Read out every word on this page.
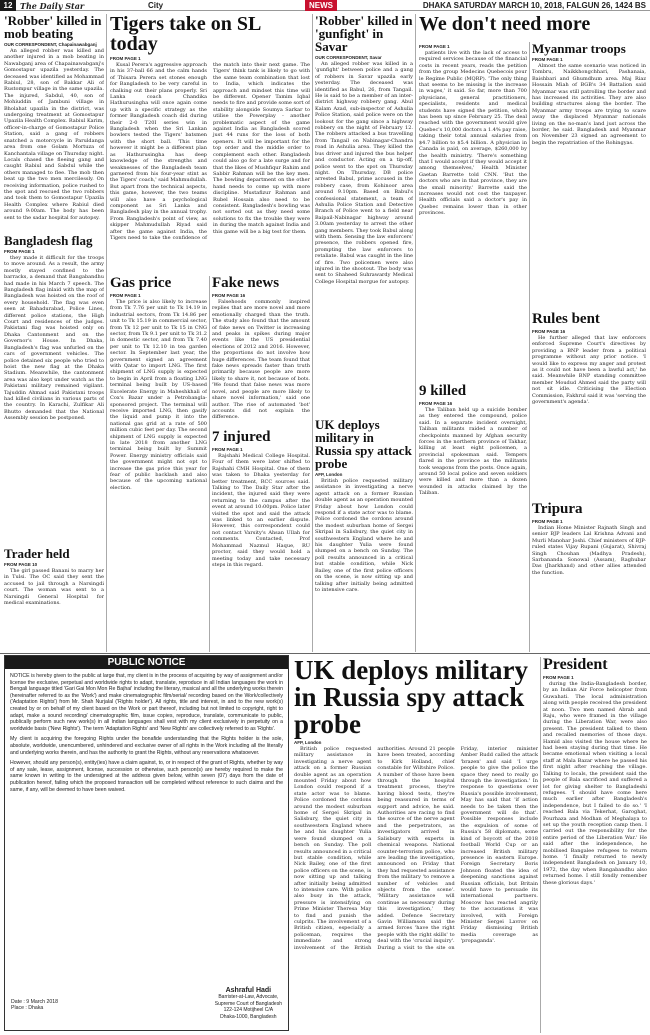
12 The Daily Star	City	NEWS	DHAKA SATURDAY MARCH 10, 2018, FALGUN 26, 1424 BS
'Robber' killed in mob beating
OUR CORRESPONDENT, Chapainawabganj
An alleged robber was killed and another injured in a mob beating in Nawabganj area of Chapainawabganj's Gomostapur upazila yesterday. The deceased was identified as Mohammad Rabiul, 28, son of Bakkar Ali of Rustompur village in the same upazila. The injured, Sabdul, 40, son of Mohiuddin of Jambuni village in Bholahat upazila in the district, was undergoing treatment at Gomostapur Upazila Health Complex. Rabiul Karim, officer-in-charge of Gomostapur Police Station, said a gang of robbers snatched a motorcycle in Paruldanga area from one Golam Mortuza of Kanchantala village on Thursday night. Locals chased the fleeing gang and caught Rabiul and Sabdul while the others managed to flee. The mob then beat up the two men mercilessly. On receiving information, police rushed to the spot and rescued the two robbers and took them to Gomostapur Upazila Health Complex where Rabiul died around 9:00am. The body has been sent to the sadar hospital for autopsy.
Bangladesh flag
FROM PAGE 1
they made it difficult for the troops to move around. As a result, the army mostly stayed confined to the barracks, a demand that Bangabandhu had made in his March 7 speech. The Bangladesh flag inlaid with the map of Bangladesh was hoisted on the roof of every household. The flag was even seen at Bahadurabad, Police Lines, different police stations, the High Court and residences of the judges. Pakistani flag was hoisted only on Dhaka Cantonment and on the Governor's House. In Dhaka, Bangladesh's flag was unfurled on the cars of government vehicles. The police detained six people who tried to hoist the new flag at the Dhaka Stadium. Meanwhile, the cantonment area was also kept under watch as the Pakistani military remained vigilant. Tajuddin Ahmad said Pakistani troops had killed civilians in various parts of the country. In Karachi, Zulfikar Ali Bhutto demanded that the National Assembly session be postponed.
Trader held
FROM PAGE 10
The girl passed Banani to marry her in Tulsi. The OC said they sent the accused to jail through a Narsingdi court. The woman was sent to a Narsingdi General Hospital for medical examinations.
Tigers take on SL today
FROM PAGE 1
Kusal Perera's aggressive approach in his 37-ball 66 and the calm hands of Thisara Perera set stones enough for Bangladesh to be very careful in chalking out their plans properly. Sri Lanka coach Chandika Hathurusingha will once again come up with a specific strategy as the former Bangladesh coach did during their 2-0 T20I series win in Bangladesh when the Sri Lankan bowlers tested the Tigers' batsmen with the short ball. 'This time however it might be a different plan as Hathurusingha has deep knowledge of the strengths and weaknesses of the Bangladesh team garnered from his four-year stint as the Tigers' coach,' said Mahmudullah. But apart from the technical aspects, this game, however, the two teams will also have a psychological component as Sri Lanka and Bangladesh play in the annual trophy. From Bangladesh's point of view, as skipper Mahmudullah Riyad said after the game against India, the Tigers need to take the confidence of the match into their next game. The Tigers' think tank is likely to go with the same team combination that lost to India, which indicates the approach and mindset this time will be different. Opener Tamim Iqbal needs to fire and provide some sort of stability alongside Soumya Sarkar to utilise the Powerplay - another problematic aspect of the game against India as Bangladesh scored just 44 runs for the loss of both openers. It will be important for the top order and the middle order to complement each other. Bangladesh could also go for a late surge and for that the likes of Mushfiqur Rahim and Sabbir Rahman will be the key men. The bowling department on the other hand needs to come up with more discipline. Mustafizur Rahman and Rubel Hossain also need to be consistent. Bangladesh's bowling was not sorted out as they need some solutions to fix the trouble they were in during the match against India and this game will be a big test for them.
Gas price
FROM PAGE 1
The price is also likely to increase from Tk 7.76 per unit to Tk 14.19 in industrial sectors, from Tk 14.86 per unit to Tk 15.19 in commercial sector, from Tk 12 per unit to Tk 15 in CNG sector, from Tk 9.1 per unit to Tk 31.2 in domestic sector, and from Tk 7.40 per unit to Tk 12.10 in tea garden sector. In September last year, the government signed an agreement with Qatar to import LNG. The first shipment of LNG supply is expected to begin in April from a floating LNG terminal being built by US-based Excelerate Energy in Maheshkhali of Cox's Bazar under a Petrobangla-sponsored project. The terminal will receive imported LNG, then gasify the liquid and pump it into the national gas grid at a rate of 500 million cubic feet per day. The second shipment of LNG supply is expected in late 2018 from another LNG terminal being built by Summit Power. Energy ministry officials said the government might not opt to increase the gas price this year for fear of public backlash and also because of the upcoming national election.
Fake news
FROM PAGE 16
Falsehoods commonly inspired replies that are more novel and more emotionally charged than the truth. The study also found that the amount of fake news on Twitter is increasing and peaks in spikes during major events like the US presidential elections of 2012 and 2016. However, the proportions do not involve how huge differences. The team found that fake news spreads faster than truth primarily because people are more likely to share it, not because of bots. 'We found that false news was more novel, and people are more likely to share novel information,' said one author. The rise of automated 'bot' accounts did not explain the difference.
7 injured
FROM PAGE 1
Rajshahi Medical College Hospital. Four of them were later shifted to Rajshahi CMH Hospital. One of them was taken to Dhaka yesterday for better treatment, RCC sources said. Talking to The Daily Star after the incident, the injured said they were returning to the campus after the event at around 10:00pm. Police later visited the spot and said the attack was linked to an earlier dispute. However, this correspondent could not contact Varsity's Ahsan Ullah for comments. Contacted, Prof Mohammad Nazmul Haque, RU proctor, said they would hold a meeting today and take necessary steps in this regard.
'Robber' killed in 'gunfight' in Savar
OUR CORRESPONDENT, Savar
An alleged robber was killed in a 'gunfight' between police and a gang of robbers in Savar upazila early yesterday. The deceased was identified as Babul, 26, from Tangail. He is said to be a member of an inter-district highway robbery gang. Abul Kalam Azad, sub-inspector of Ashulia Police Station, said police were on the lookout for the gang since a highway robbery on the night of February 12. The robbers attacked a bus travelling from Tangail on Nabinagar-Chandra road in Ashulia area. They killed the bus driver and injured the bus helper and conductor. Acting on a tip-off, police went to the spot on Thursday night. On Thursday, DB police arrested Babul, prime accused in the robbery case, from Kohinoor area around 9.10pm. Based on Babul's confessional statement, a team of Ashulia Police Station and Detective Branch of Police went to a field near Baipail-Nabinagar highway around 3.00am yesterday to arrest the other gang members. They took Babul along with them. Sensing the law enforcers' presence, the robbers opened fire, prompting the law enforcers to retaliate. Babul was caught in the line of fire. Two policemen were also injured in the shootout. The body was sent to Shaheed Suhrawardy Medical College Hospital morgue for autopsy.
UK deploys military in Russia spy attack probe
AFP, London
British police requested military assistance in investigating a nerve agent attack on a former Russian double agent as an operation mounted Friday about how London could respond if a state actor was to blame. Police cordoned the cordons around the modest suburban home of Sergei Skripal in Salisbury, the quiet city in southwestern England where he and his daughter Yulia were found slumped on a bench on Sunday. The poll results announced in a critical but stable condition, while Nick Bailey, one of the first police officers on the scene, is now sitting up and talking after initially being admitted to intensive care.
We don't need more
FROM PAGE 1
patients live with the lack of access to required services because of the financial costs in recent years, reads the petition from the group Medecins Quebecois pour le Regime Public (MQRP). 'The only thing that seems to be missing is the increase in wages,' it said. So far, more than 700 physicians, general practitioners, specialists, residents and medical students have signed the petition, which has been up since February 25. The deal reached with the government would give Quebec's 10,000 doctors a 1.4% pay raise, taking their total annual salaries from $4.7 billion to $5.4 billion. A physician in Canada is paid, on average, $260,000 by the health ministry. 'There's something that I would accept if they would accept it among themselves,' Health Minister Gaetan Barrette told CNN. 'But the doctors who are in that province, they are the small minority.' Barrette said the increases would not cost the taxpayer. Health officials said a doctor's pay in Quebec remains lower than in other provinces.
9 killed
FROM PAGE 16
The Taliban held up a suicide bomber as they entered the compound, police said. In a separate incident overnight, Taliban militants raided a number of checkpoints manned by Afghan security forces in the northern province of Takhar, killing at least eight policemen, a provincial spokesman said. Tempers flared in the province as the militants took weapons from the posts. Once again, around 50 local police and seven soldiers were killed and more than a dozen wounded in attacks claimed by the Taliban.
Myanmar troops
FROM PAGE 1
Almost the same scenario was noticed in Tombru, Naikkhongchhari, Pashanaia, Baishbari and Ghumdhum area. Maj Riaz Hossain Miah of BGB's 34 Battalion said Myanmar was still patrolling the border and has increased its activities. They are also building structures along the border. The Myanmar army troops are trying to scare away the displaced Myanmar nationals living on the no-man's land just across the border, he said. Bangladesh and Myanmar on November 23 signed an agreement to begin the repatriation of the Rohingyas.
Rules bent
FROM PAGE 16
He further alleged that law enforcers enforced Supreme Court's directives by providing a BNP leader from a political programme without any prior notice. 'I would like to express my anger and protest as it could not have been a lawful act,' he said. Meanwhile BNP standing committee member Moudud Ahmed said the party will not sit idle. Criticising the Election Commission, Fakhrul said it was 'serving the government's agenda'.
Tripura
FROM PAGE 1
Indian Home Minister Rajnath Singh and senior BJP leaders Lal Krishna Advani and Murli Manohar Joshi. Chief ministers of BJP-ruled states Vijay Rupani (Gujarat), Shivraj Singh Chouhan (Madhya Pradesh), Sarbananda Sonowal (Assam), Raghubar Das (Jharkhand) and other allies attended the function.
PUBLIC NOTICE
NOTICE is hereby given to the public at large that, my client is in the process of acquiring by way of assignment and/or license the exclusive, perpetual and worldwide rights to adapt, translate, reproduce in all Indian languages the work in Bengali language titled 'Gari Gai Mon Mon Re Bajhai' including the literary, musical and all the underlying works therein (hereinafter referred to as the 'Work') and make cinematographic film/serial/ recording based on the Work/collectively ('Adaptation Rights') from Mr. Shah Nurjalal ('Rights holder'). All rights, title and interest, in and to the new work(s) created by or on behalf of my client based on the Work or part thereof, including but not limited to copyright, right to adapt, make a sound recording/ cinematographic film, issue copies, reproduce, translate, communicate to public, publically perform such new work(s) in all Indian languages shall vest with my client exclusively in perpetuity on a worldwide basis ('New Rights'). The term 'Adaptation Rights' and 'New Rights' are collectively referred to as 'Rights'.
My client is acquiring the foregoing Rights under the bonafide understanding that the Rights holder is the sole, absolute, worldwide, unencumbered, unhindered and exclusive owner of all rights in the Work including all the literally and underlying works therein, and has the authority to grant the Rights, without any reservations whatsoever.
However, should any person(s), entity(ies) have a claim against, to, or in respect of the grant of Rights, whether by way of any sale, lease, assignment, license, succession or otherwise, such person(s) are hereby required to make the same known in writing to the undersigned at the address given below, within seven (07) days from the date of publication hereof, failing which the proposed transaction will be completed without reference to such claims and the same, if any, will be deemed to have been waived.
Date : 9 March 2018
Place : Dhaka
Ashraful Hadi
Barrister-at-Law, Advocate,
Supreme Court of Bangladesh
122-124 Motijheel C/A
Dhaka-1000, Bangladesh
UK deploys military in Russia spy attack probe
AFP, London
British police requested military assistance in investigating a nerve agent attack on a former Russian double agent as an operation mounted Friday about how London could respond if a state actor was to blame. Police cordoned the cordons around the modest suburban home of Sergei Skripal in Salisbury, the quiet city in southwestern England where he and his daughter Yulia were found slumped on a bench on Sunday. The poll results announced in a critical but stable condition, while Nick Bailey, one of the first police officers on the scene, is now sitting up and talking after initially being admitted to intensive care. With police also busy in the attack, pressure is intensifying on Prime Minister Theresa May to find and punish the culprits. The involvement of a British citizen, especially a policeman, requires the immediate and strong involvement of the British authorities. Around 21 people have been treated, according to Kirk Holland, chief constable for Wiltshire Police. A number of those have been through the hospital treatment process, they're having blood tests, they're being reassured in terms of support and advice, he said. Authorities are racing to find the source of the nerve agent and the perpetrators, as investigators arrived in Salisbury with experts in chemical weapons. National counter-terrorism police, who are leading the investigation, announced on Friday that they had requested assistance from the military 'to remove a number of vehicles and objects from the scene'. 'Military assistance will continue as necessary during this investigation,' they added. Defence Secretary Gavin Williamson said the armed forces 'have the right people with the right skills' to deal with the 'crucial inquiry'. During a visit to the site on Friday, interior minister Amber Rudd called the attack 'brazen' and said 'I urge people to give the police the space they need to really go through the investigation.' In response to questions over Russia's possible involvement, May has said that 'if action needs to be taken then the government will do that'. Possible responses include the expulsion of some of Russia's 58 diplomats, some kind of boycott of the 2018 football World Cup or an increased British military presence in eastern Europe. Foreign Secretary Boris Johnson floated the idea of deepening sanctions against Russian officials, but Britain would have to persuade its international partners. Moscow has reacted angrily to the accusations it was involved, with Foreign Minister Sergei Lavrov on Friday dismissing British media coverage as 'propaganda'.
President
FROM PAGE 1
during the India-Bangladesh border, by an Indian Air Force helicopter from Guwahati. The local administration along with people received the president at noon. Two men named Abrab and Raju, who were framed in the village during the Liberation War, were also present. The president talked to them and recalled memories of those days. Hamid also visited the house where he had been staying during that time. He became emotional when visiting a local staff at Mala Bazar where he passed his first night after reaching the village. Talking to locals, the president said the people of Bala sacrificed and suffered a lot for giving shelter to Bangladeshi refugees. 'I should have come here much earlier after Bangladesh's independence, but I failed to do so.' 'I reached Bala via Tekerhat, Garoghat, Pourhaza and Modhan of Meghalaya to set up the youth reception camp then. I carried out the responsibility for the entire period of the Liberation War.' He said after the independence, he mobilised Bangalee refugees to return home. 'I finally returned to newly independent Bangladesh on January 10, 1972, the day when Bangabandhu also returned home. I still fondly remember these glorious days.'
